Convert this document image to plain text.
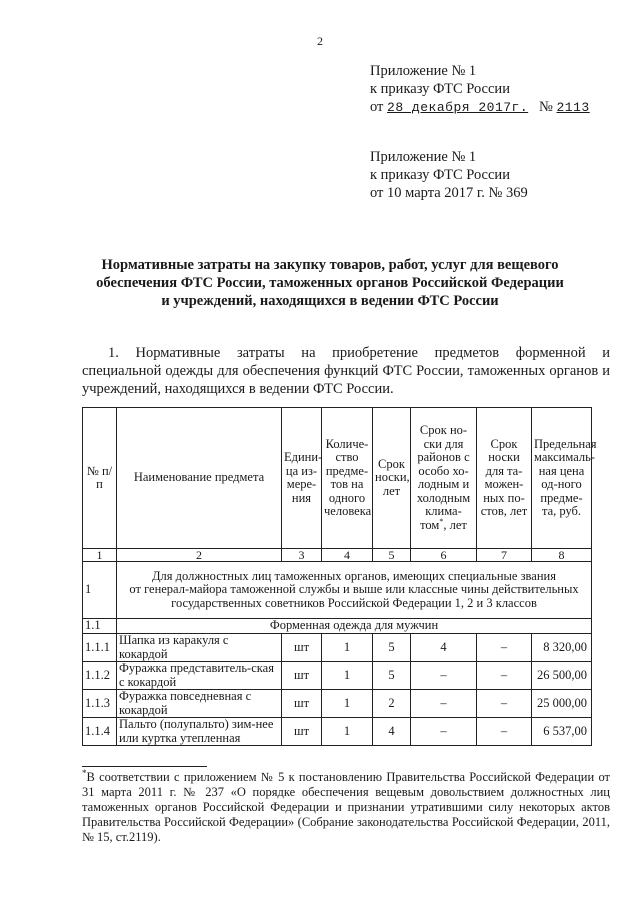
2
Приложение № 1
к приказу ФТС России
от 28 декабря 2017г. № 2113
Приложение № 1
к приказу ФТС России
от 10 марта 2017 г. № 369
Нормативные затраты на закупку товаров, работ, услуг для вещевого
обеспечения ФТС России, таможенных органов Российской Федерации
и учреждений, находящихся в ведении ФТС России

1. Нормативные затраты на приобретение предметов форменной и

специальной одежды для обеспечения функций ФТС России, таможенных органов и учреждений, находящихся в ведении ФТС России.

№ п/п	Наименование предмета	Едини-ца из-мере-ния	Количе-ство предме-тов на одного человека	Срок носки, лет	Срок но-ски для районов с особо хо-лодным и холодным клима-том*, лет	Срок носки для та-можен-ных по-стов, лет	Предельная максималь-ная цена од-ного предме-та, руб.
1	2	3	4	5	6	7	8
1	Для должностных лиц таможенных органов, имеющих специальные звания
от генерал-майора таможенной службы и выше или классные чины действительных
государственных советников Российской Федерации 1, 2 и 3 классов						

1.1	Форменная одежда для мужчин						
1.1.1	Шапка из каракуля с кокардой	шт	1	5	4	–	8 320,00
1.1.2	Фуражка представитель-ская с кокардой	шт	1	5	–	–	26 500,00
1.1.3	Фуражка повседневная с кокардой	шт	1	2	–	–	25 000,00
1.1.4	Пальто (полупальто) зим-нее или куртка утепленная	шт	1	4	–	–	6 537,00
*В соответствии с приложением № 5 к постановлению Правительства Российской Федерации от 31 марта 2011 г. № 237 «О порядке обеспечения вещевым довольствием должностных лиц таможенных органов Российской Федерации и признании утратившими силу некоторых актов Правительства Российской Федерации» (Собрание законодательства Российской Федерации, 2011, № 15, ст.2119).
